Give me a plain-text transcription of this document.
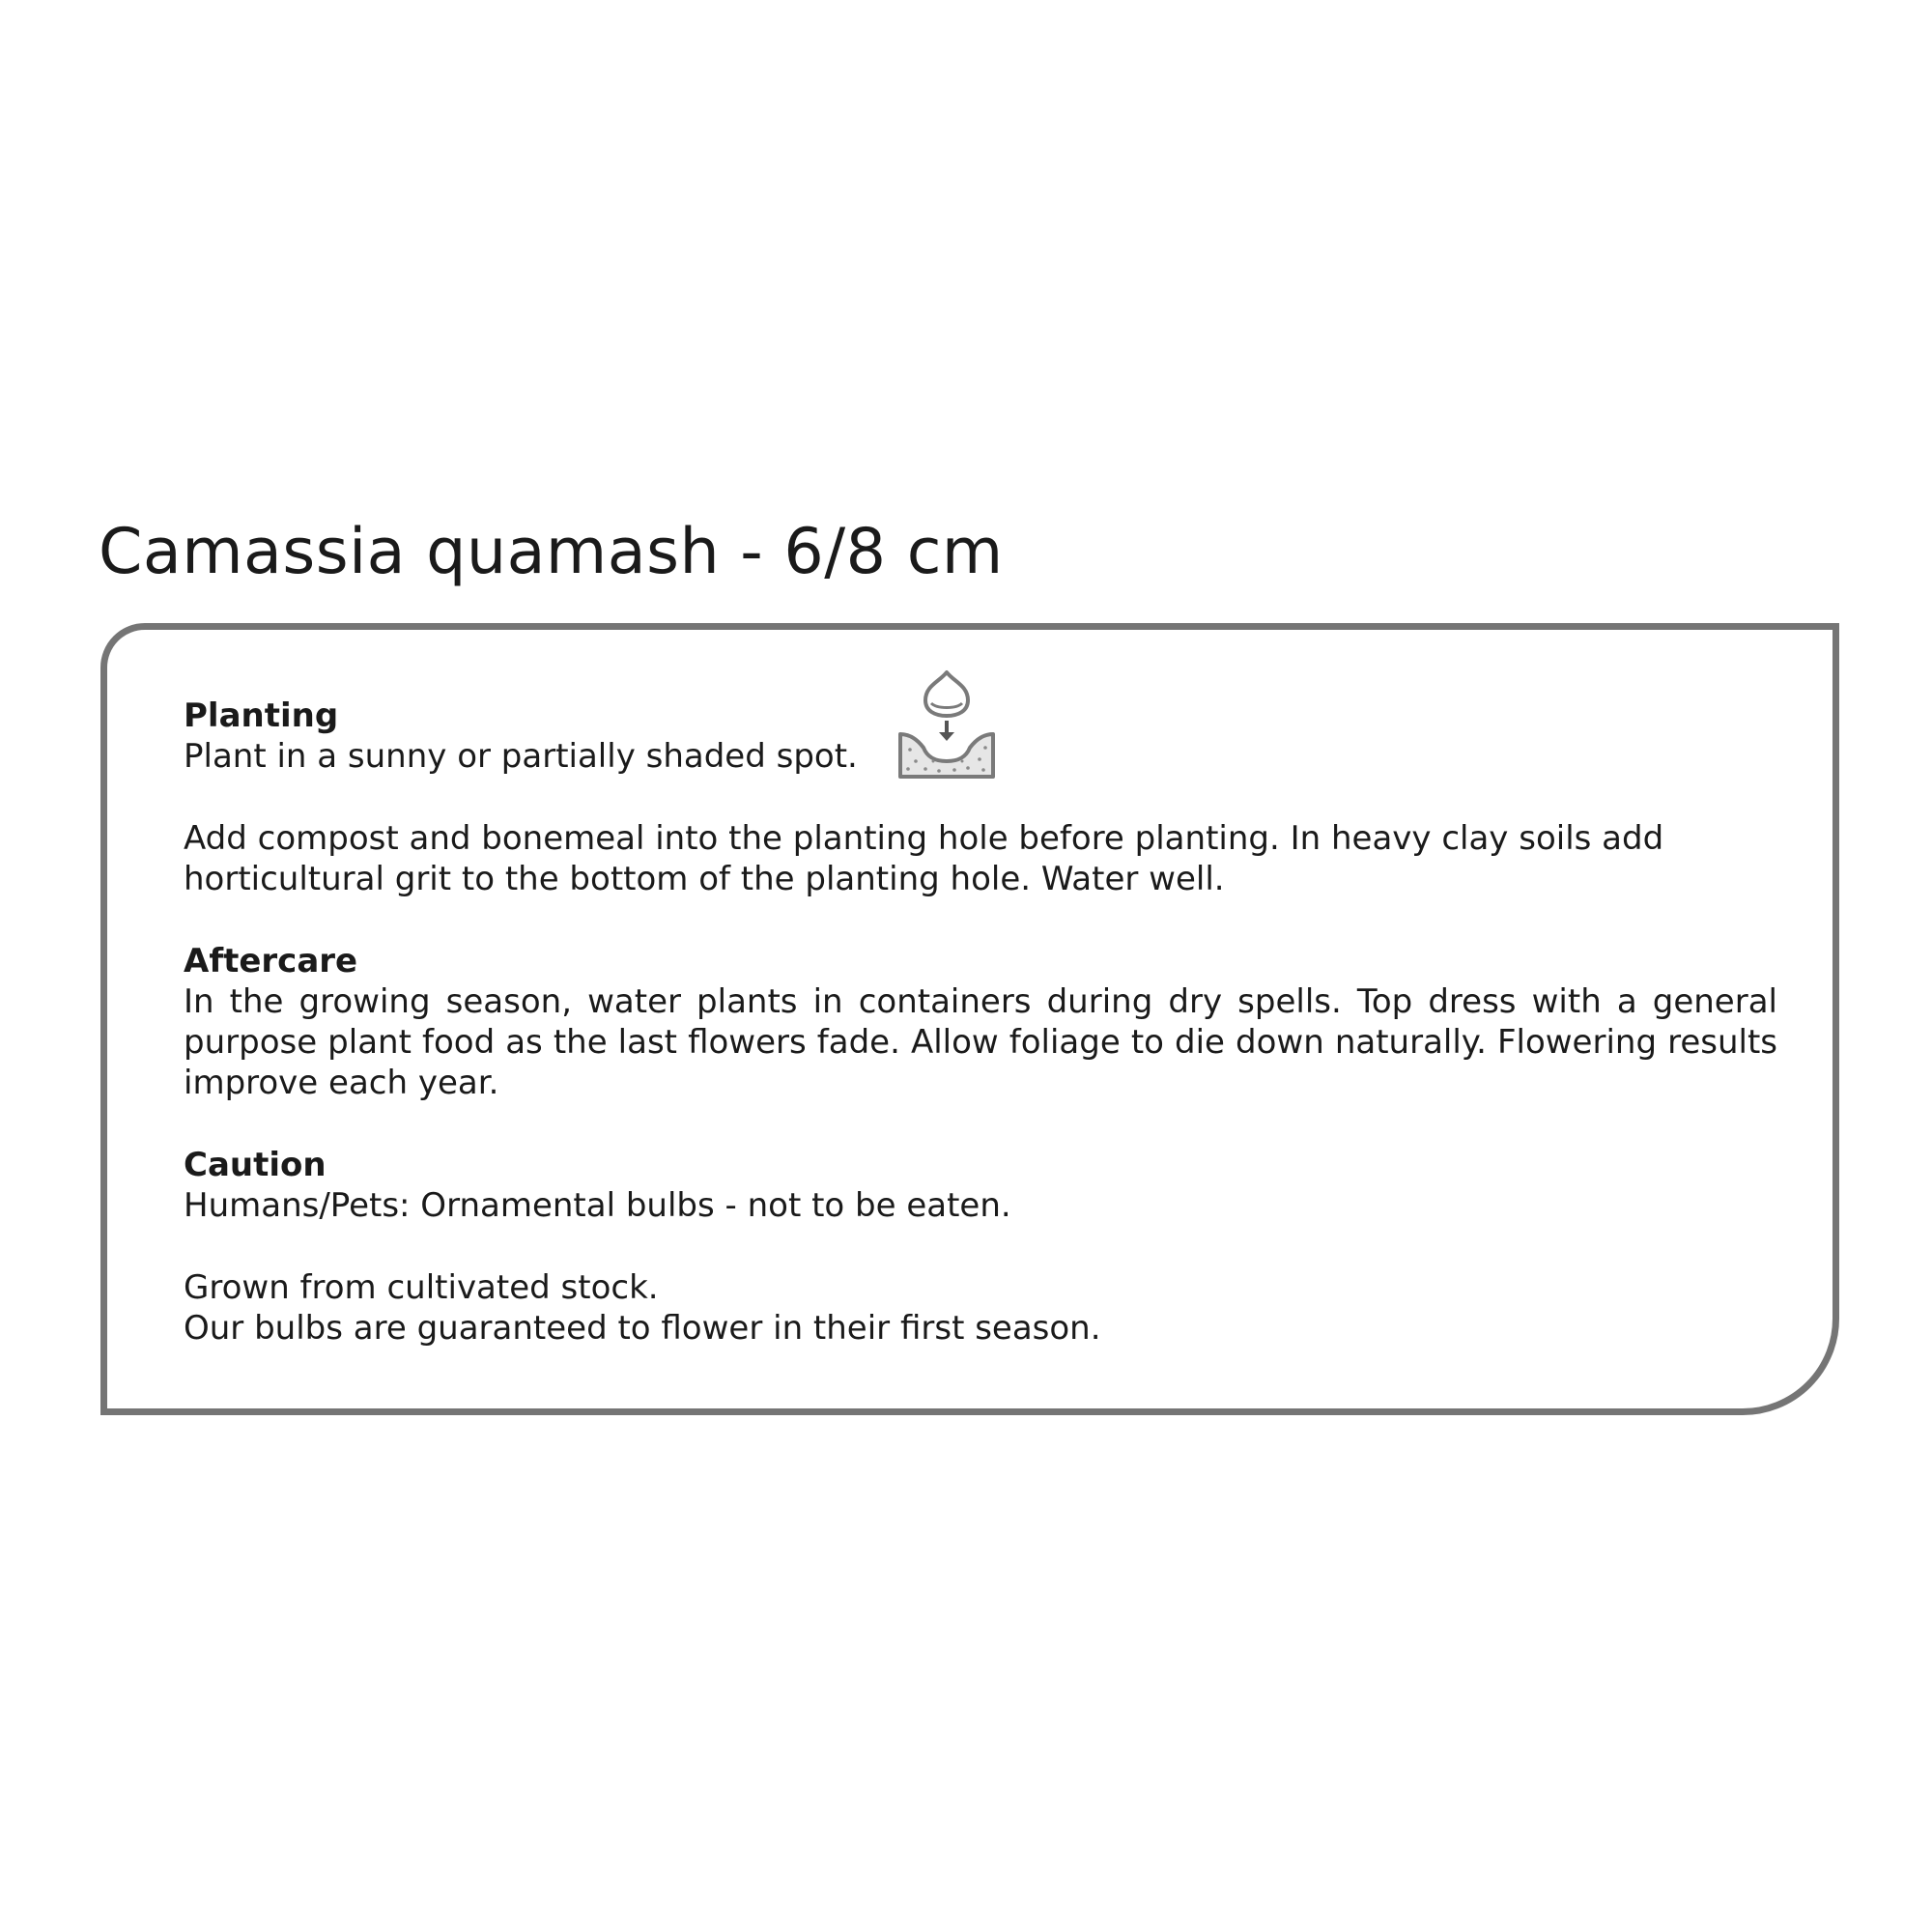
Camassia quamash - 6/8 cm

Planting

Plant in a sunny or partially shaded spot.

Add compost and bonemeal into the planting hole before planting. In heavy clay soils add horticultural grit to the bottom of the planting hole. Water well.

Aftercare

In the growing season, water plants in containers during dry spells. Top dress with a general purpose plant food as the last flowers fade. Allow foliage to die down naturally. Flowering results improve each year.

Caution

Humans/Pets: Ornamental bulbs - not to be eaten.

Grown from cultivated stock.

Our bulbs are guaranteed to flower in their first season.
